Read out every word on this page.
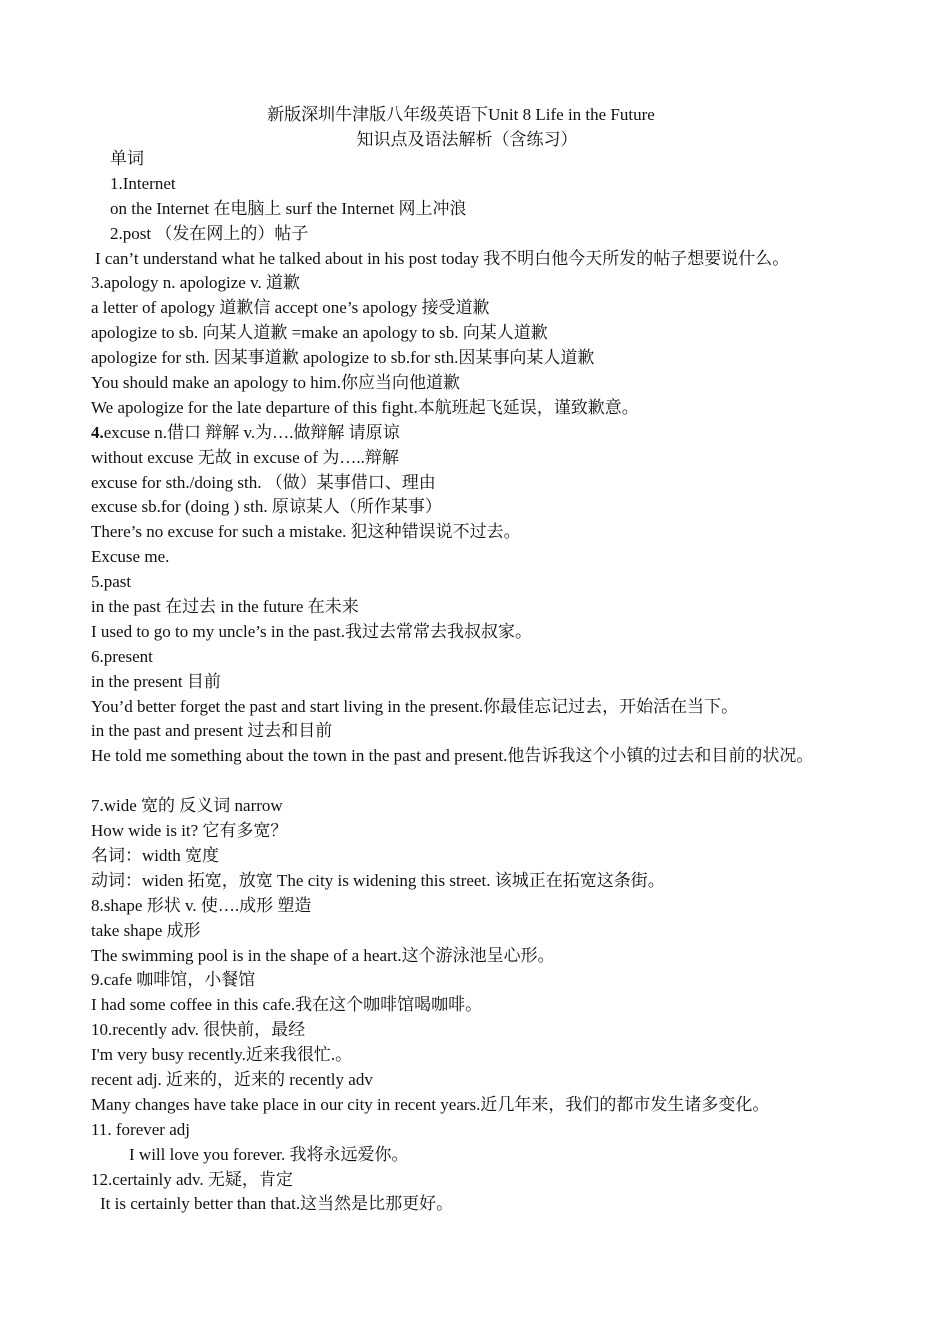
新版深圳牛津版八年级英语下Unit 8 Life in the Future
知识点及语法解析（含练习）
单词
1.Internet
on the Internet 在电脑上 surf the Internet 网上冲浪
2.post （发在网上的）帖子
I can’t understand what he talked about in his post today 我不明白他今天所发的帖子想要说什么。
3.apology n. apologize v. 道歉
a letter of apology 道歉信 accept one’s apology 接受道歉
apologize to sb. 向某人道歉 =make an apology to sb. 向某人道歉
apologize for sth. 因某事道歉 apologize to sb.for sth.因某事向某人道歉
You should make an apology to him.你应当向他道歉
We apologize for the late departure of this fight.本航班起飞延误，谨致歉意。
4.excuse n.借口 辩解 v.为….做辩解 请原谅
without excuse 无故 in excuse of 为…..辩解
excuse for sth./doing sth. （做）某事借口、理由
excuse sb.for (doing ) sth. 原谅某人（所作某事）
There’s no excuse for such a mistake. 犯这种错误说不过去。
Excuse me.
5.past
in the past 在过去 in the future 在未来
I used to go to my uncle’s in the past.我过去常常去我叔叔家。
6.present
in the present 目前
You’d better forget the past and start living in the present.你最佳忘记过去，开始活在当下。
in the past and present 过去和目前
He told me something about the town in the past and present.他告诉我这个小镇的过去和目前的状况。
7.wide 宽的 反义词 narrow
How wide is it? 它有多宽？
名词：width 宽度
动词：widen 拓宽，放宽 The city is widening this street. 该城正在拓宽这条街。
8.shape 形状 v. 使….成形 塑造
take shape 成形
The swimming pool is in the shape of a heart.这个游泳池呈心形。
9.cafe 咖啡馆，小餐馆
I had some coffee in this cafe.我在这个咖啡馆喝咖啡。
10.recently adv. 很快前，最经
I'm very busy recently.近来我很忙.。
recent adj. 近来的，近来的 recently adv
Many changes have take place in our city in recent years.近几年来，我们的都市发生诸多变化。
11. forever adj
I will love you forever. 我将永远爱你。
12.certainly adv. 无疑，肯定
It is certainly better than that.这当然是比那更好。
